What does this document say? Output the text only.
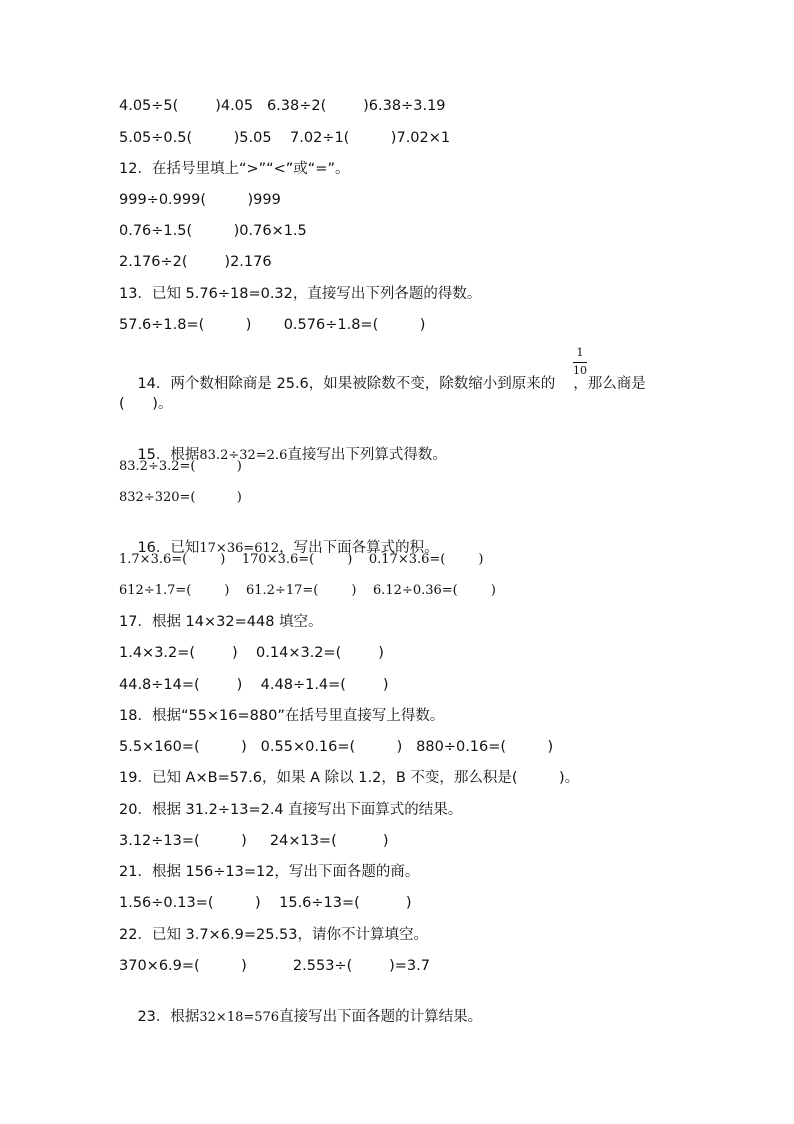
4.05÷5(        )4.05   6.38÷2(        )6.38÷3.19
5.05÷0.5(         )5.05    7.02÷1(         )7.02×1
12．在括号里填上“>”“<”或“=”。
999÷0.999(         )999
0.76÷1.5(         )0.76×1.5
2.176÷2(        )2.176
13．已知 5.76÷18=0.32，直接写出下列各题的得数。
57.6÷1.8=(         )       0.576÷1.8=(         )

14．两个数相除商是 25.6，如果被除数不变，除数缩小到原来的 ，那么商是

1
10
(      )。

15．根据83.2÷32=2.6直接写出下列算式得数。

83.2÷3.2=(          )
832÷320=(          )

16．已知17×36=612，写出下面各算式的积。

1.7×3.6=(        )    170×3.6=(        )    0.17×3.6=(        )
612÷1.7=(        )    61.2÷17=(        )    6.12÷0.36=(        )
17．根据 14×32=448 填空。
1.4×3.2=(        )    0.14×3.2=(        )
44.8÷14=(        )    4.48÷1.4=(        )
18．根据“55×16=880”在括号里直接写上得数。
5.5×160=(         )   0.55×0.16=(         )   880÷0.16=(         )
19．已知 A×B=57.6，如果 A 除以 1.2，B 不变，那么积是(         )。
20．根据 31.2÷13=2.4 直接写出下面算式的结果。
3.12÷13=(         )     24×13=(          )
21．根据 156÷13=12，写出下面各题的商。
1.56÷0.13=(         )    15.6÷13=(          )
22．已知 3.7×6.9=25.53，请你不计算填空。
370×6.9=(         )          2.553÷(        )=3.7

23．根据32×18=576直接写出下面各题的计算结果。
